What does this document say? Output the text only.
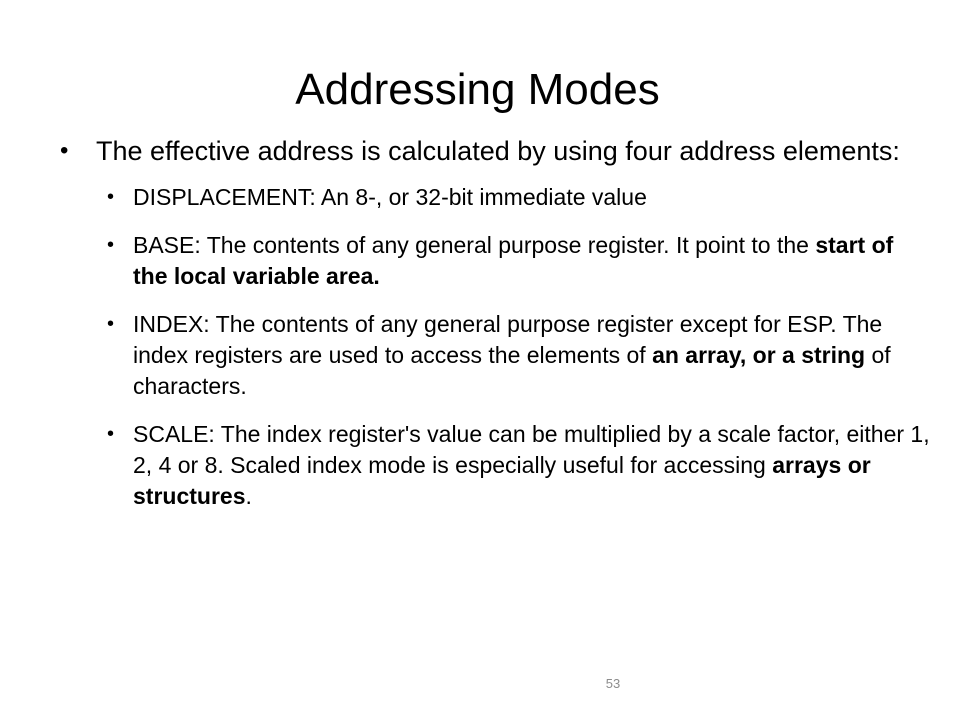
Addressing Modes
• The effective address is calculated by using four address elements:
• DISPLACEMENT: An 8-, or 32-bit immediate value
• BASE: The contents of any general purpose register. It point to the start of the local variable area.
• INDEX: The contents of any general purpose register except for ESP. The index registers are used to access the elements of an array, or a string of characters.
• SCALE: The index register's value can be multiplied by a scale factor, either 1, 2, 4 or 8. Scaled index mode is especially useful for accessing arrays or structures.
53
